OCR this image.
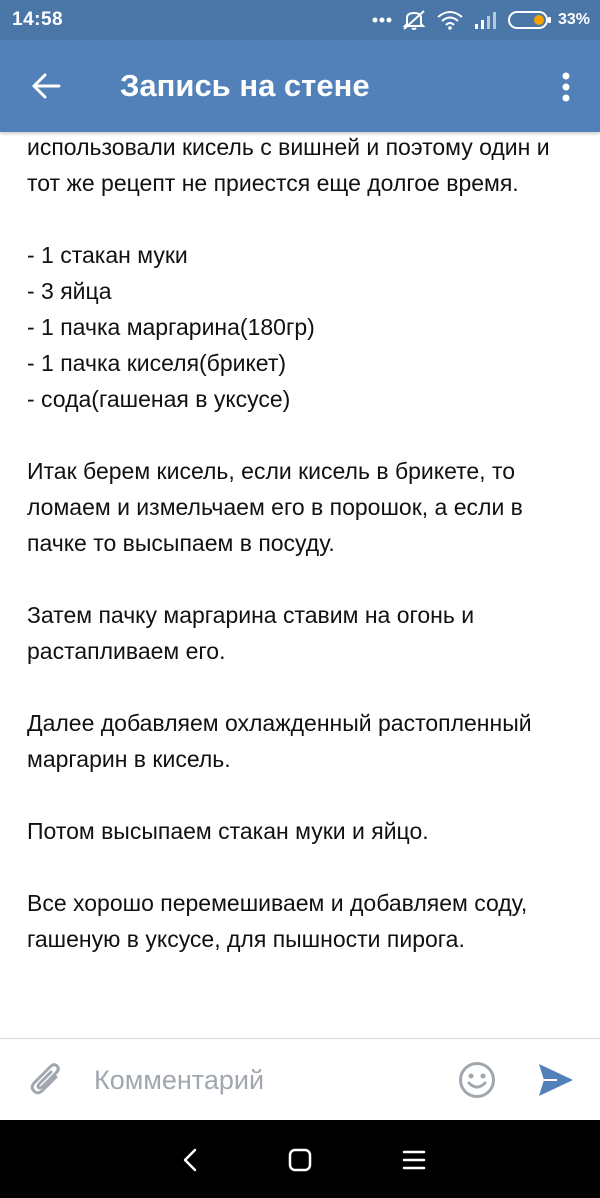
14:58	33%
Запись на стене

использовали кисель с вишней и поэтому один и тот же рецепт не приестся еще долгое время.

- 1 стакан муки
- 3 яйца
- 1 пачка маргарина(180гр)
- 1 пачка киселя(брикет)
- сода(гашеная в уксусе)

Итак берем кисель, если кисель в брикете, то ломаем и измельчаем его в порошок, а если в пачке то высыпаем в посуду.

Затем пачку маргарина ставим на огонь и растапливаем его.

Далее добавляем охлажденный растопленный маргарин в кисель.

Потом высыпаем стакан муки и яйцо.

Все хорошо перемешиваем и добавляем соду, гашеную в уксусе, для пышности пирога.

Комментарий
